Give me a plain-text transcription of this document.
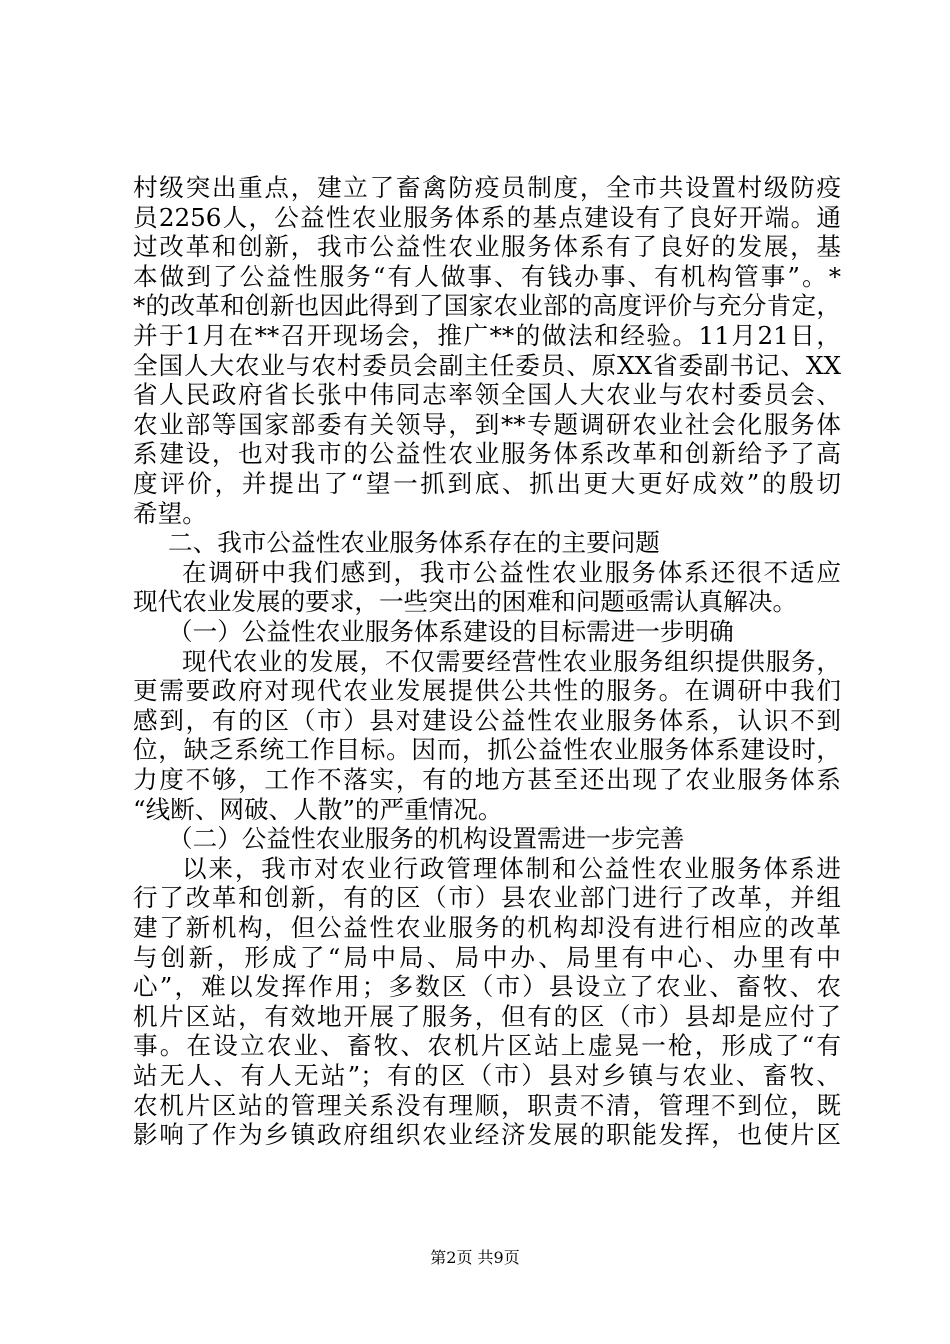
村级突出重点，建立了畜禽防疫员制度，全市共设置村级防疫
员2256人，公益性农业服务体系的基点建设有了良好开端。通
过改革和创新，我市公益性农业服务体系有了良好的发展，基
本做到了公益性服务“有人做事、有钱办事、有机构管事”。*
*的改革和创新也因此得到了国家农业部的高度评价与充分肯定，
并于1月在**召开现场会，推广**的做法和经验。11月21日，
全国人大农业与农村委员会副主任委员、原XX省委副书记、XX
省人民政府省长张中伟同志率领全国人大农业与农村委员会、
农业部等国家部委有关领导，到**专题调研农业社会化服务体
系建设，也对我市的公益性农业服务体系改革和创新给予了高
度评价，并提出了“望一抓到底、抓出更大更好成效”的殷切
希望。
二、我市公益性农业服务体系存在的主要问题
在调研中我们感到，我市公益性农业服务体系还很不适应
现代农业发展的要求，一些突出的困难和问题亟需认真解决。
（一）公益性农业服务体系建设的目标需进一步明确
现代农业的发展，不仅需要经营性农业服务组织提供服务，
更需要政府对现代农业发展提供公共性的服务。在调研中我们
感到，有的区（市）县对建设公益性农业服务体系，认识不到
位，缺乏系统工作目标。因而，抓公益性农业服务体系建设时，
力度不够，工作不落实，有的地方甚至还出现了农业服务体系
“线断、网破、人散”的严重情况。
（二）公益性农业服务的机构设置需进一步完善
以来，我市对农业行政管理体制和公益性农业服务体系进
行了改革和创新，有的区（市）县农业部门进行了改革，并组
建了新机构，但公益性农业服务的机构却没有进行相应的改革
与创新，形成了“局中局、局中办、局里有中心、办里有中
心”，难以发挥作用；多数区（市）县设立了农业、畜牧、农
机片区站，有效地开展了服务，但有的区（市）县却是应付了
事。在设立农业、畜牧、农机片区站上虚晃一枪，形成了“有
站无人、有人无站”；有的区（市）县对乡镇与农业、畜牧、
农机片区站的管理关系没有理顺，职责不清，管理不到位，既
影响了作为乡镇政府组织农业经济发展的职能发挥，也使片区
第2页 共9页
